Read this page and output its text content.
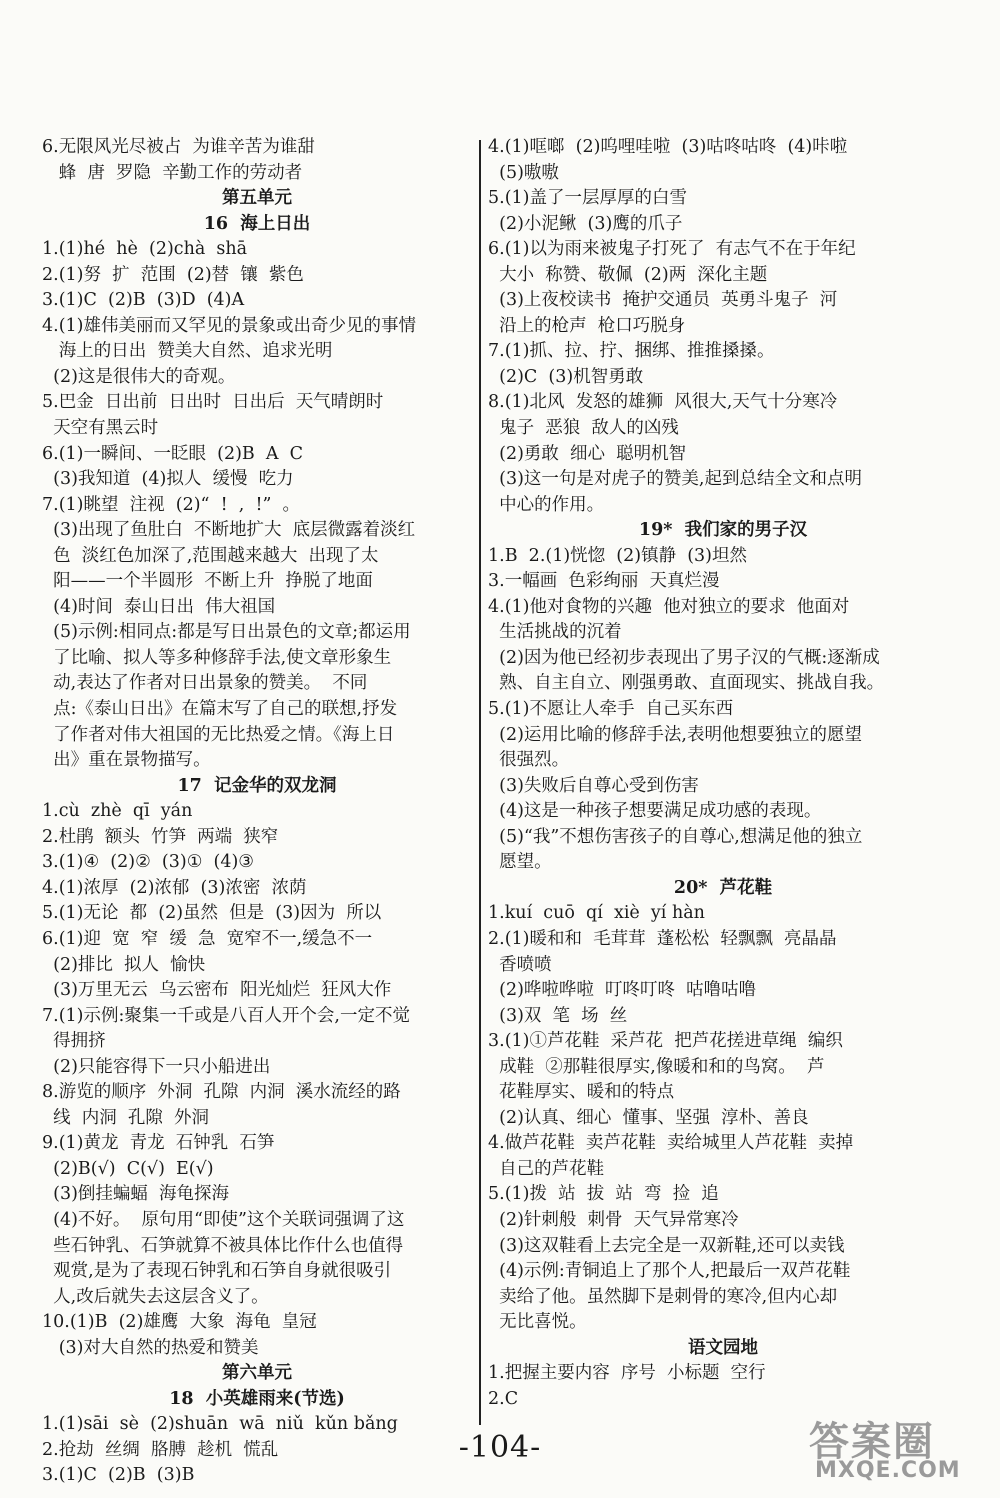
6.无限风光尽被占  为谁辛苦为谁甜
蜂  唐  罗隐  辛勤工作的劳动者
第五单元
16  海上日出
1.(1)hé  hè  (2)chà  shā
2.(1)努  扩  范围  (2)替  镶  紫色
3.(1)C  (2)B  (3)D  (4)A
4.(1)雄伟美丽而又罕见的景象或出奇少见的事情
海上的日出  赞美大自然、追求光明
(2)这是很伟大的奇观。
5.巴金  日出前  日出时  日出后  天气晴朗时
天空有黑云时
6.(1)一瞬间、一眨眼  (2)B  A  C
(3)我知道  (4)拟人  缓慢  吃力
7.(1)眺望  注视  (2)“  !  ,  !”  。
(3)出现了鱼肚白  不断地扩大  底层微露着淡红
色  淡红色加深了,范围越来越大  出现了太
阳——一个半圆形  不断上升  挣脱了地面
(4)时间  泰山日出  伟大祖国
(5)示例:相同点:都是写日出景色的文章;都运用
了比喻、拟人等多种修辞手法,使文章形象生
动,表达了作者对日出景象的赞美。  不同
点:《泰山日出》在篇末写了自己的联想,抒发
了作者对伟大祖国的无比热爱之情。《海上日
出》重在景物描写。
17  记金华的双龙洞
1.cù  zhè  qī  yán
2.杜鹃  额头  竹笋  两端  狭窄
3.(1)④  (2)②  (3)①  (4)③
4.(1)浓厚  (2)浓郁  (3)浓密  浓荫
5.(1)无论  都  (2)虽然  但是  (3)因为  所以
6.(1)迎  宽  窄  缓  急  宽窄不一,缓急不一
(2)排比  拟人  愉快
(3)万里无云  乌云密布  阳光灿烂  狂风大作
7.(1)示例:聚集一千或是八百人开个会,一定不觉
得拥挤
(2)只能容得下一只小船进出
8.游览的顺序  外洞  孔隙  内洞  溪水流经的路
线  内洞  孔隙  外洞
9.(1)黄龙  青龙  石钟乳  石笋
(2)B(√)  C(√)  E(√)
(3)倒挂蝙蝠  海龟探海
(4)不好。  原句用“即使”这个关联词强调了这
些石钟乳、石笋就算不被具体比作什么也值得
观赏,是为了表现石钟乳和石笋自身就很吸引
人,改后就失去这层含义了。
10.(1)B  (2)雄鹰  大象  海龟  皇冠
(3)对大自然的热爱和赞美
第六单元
18  小英雄雨来(节选)
1.(1)sāi  sè  (2)shuān  wā  niǔ  kǔn bǎng
2.抢劫  丝绸  胳膊  趁机  慌乱
3.(1)C  (2)B  (3)B
4.(1)哐啷  (2)呜哩哇啦  (3)咕咚咕咚  (4)咔啦
(5)嗷嗷
5.(1)盖了一层厚厚的白雪
(2)小泥鳅  (3)鹰的爪子
6.(1)以为雨来被鬼子打死了  有志气不在于年纪
大小  称赞、敬佩  (2)两  深化主题
(3)上夜校读书  掩护交通员  英勇斗鬼子  河
沿上的枪声  枪口巧脱身
7.(1)抓、拉、拧、捆绑、推推搡搡。
(2)C  (3)机智勇敢
8.(1)北风  发怒的雄狮  风很大,天气十分寒冷
鬼子  恶狼  敌人的凶残
(2)勇敢  细心  聪明机智
(3)这一句是对虎子的赞美,起到总结全文和点明
中心的作用。
19*  我们家的男子汉
1.B  2.(1)恍惚  (2)镇静  (3)坦然
3.一幅画  色彩绚丽  天真烂漫
4.(1)他对食物的兴趣  他对独立的要求  他面对
生活挑战的沉着
(2)因为他已经初步表现出了男子汉的气概:逐渐成
熟、自主自立、刚强勇敢、直面现实、挑战自我。
5.(1)不愿让人牵手  自己买东西
(2)运用比喻的修辞手法,表明他想要独立的愿望
很强烈。
(3)失败后自尊心受到伤害
(4)这是一种孩子想要满足成功感的表现。
(5)“我”不想伤害孩子的自尊心,想满足他的独立
愿望。
20*  芦花鞋
1.kuí  cuō  qí  xiè  yí hàn
2.(1)暖和和  毛茸茸  蓬松松  轻飘飘  亮晶晶
香喷喷
(2)哗啦哗啦  叮咚叮咚  咕噜咕噜
(3)双  笔  场  丝
3.(1)①芦花鞋  采芦花  把芦花搓进草绳  编织
成鞋  ②那鞋很厚实,像暖和和的鸟窝。  芦
花鞋厚实、暖和的特点
(2)认真、细心  懂事、坚强  淳朴、善良
4.做芦花鞋  卖芦花鞋  卖给城里人芦花鞋  卖掉
自己的芦花鞋
5.(1)拨  站  拔  站  弯  捡  追
(2)针刺般  刺骨  天气异常寒冷
(3)这双鞋看上去完全是一双新鞋,还可以卖钱
(4)示例:青铜追上了那个人,把最后一双芦花鞋
卖给了他。虽然脚下是刺骨的寒冷,但内心却
无比喜悦。
语文园地
1.把握主要内容  序号  小标题  空行
2.C
-104-	答案圈
MXQE.COM
